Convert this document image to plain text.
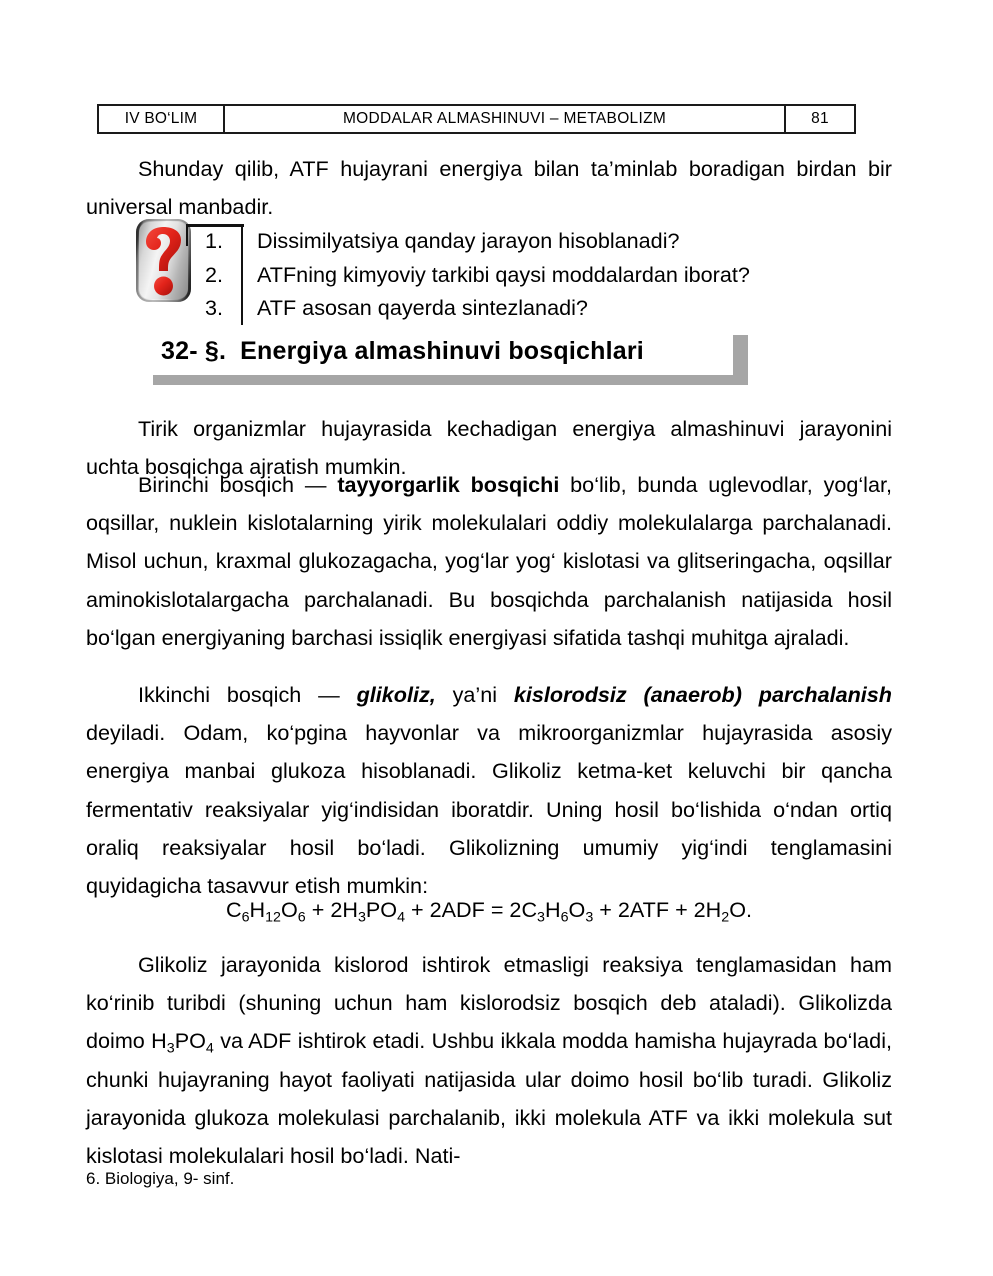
IV BO‘LIM	MODDALAR ALMASHINUVI – METABOLIZM	81
Shunday qilib, ATF hujayrani energiya bilan ta’minlab boradigan birdan bir universal manbadir.
1.
2.
3.
Dissimilyatsiya qanday jarayon hisoblanadi?
ATFning kimyoviy tarkibi qaysi moddalardan iborat?
ATF asosan qayerda sintezlanadi?
32- §. Energiya almashinuvi bosqichlari
Tirik organizmlar hujayrasida kechadigan energiya almashinuvi jarayonini uchta bosqichga ajratish mumkin.
Birinchi bosqich — tayyorgarlik bosqichi bo‘lib, bunda uglevodlar, yog‘lar, oqsillar, nuklein kislotalarning yirik molekulalari oddiy molekulalarga parchalanadi. Misol uchun, kraxmal glukozagacha, yog‘lar yog‘ kislotasi va glitseringacha, oqsillar aminokislotalargacha parchalanadi. Bu bosqichda parchalanish natijasida hosil bo‘lgan energiyaning barchasi issiqlik energiyasi sifatida tashqi muhitga ajraladi.
Ikkinchi bosqich — glikoliz, ya’ni kislorodsiz (anaerob) parchalanish deyiladi. Odam, ko‘pgina hayvonlar va mikroorganizmlar hujayrasida asosiy energiya manbai glukoza hisoblanadi. Glikoliz ketma-ket keluvchi bir qancha fermentativ reaksiyalar yig‘indisidan iboratdir. Uning hosil bo‘lishida o‘ndan ortiq oraliq reaksiyalar hosil bo‘ladi. Glikolizning umumiy yig‘indi tenglamasini quyidagicha tasavvur etish mumkin:
$C_6H_{12}O_6 + 2H_3PO_4 + 2ADF = 2C_3H_6O_3 + 2ATF + 2H_2O$.
Glikoliz jarayonida kislorod ishtirok etmasligi reaksiya tenglamasidan ham ko‘rinib turibdi (shuning uchun ham kislorodsiz bosqich deb ataladi). Glikolizda doimo $H_3PO_4$ va ADF ishtirok etadi. Ushbu ikkala modda hamisha hujayrada bo‘ladi, chunki hujayraning hayot faoliyati natijasida ular doimo hosil bo‘lib turadi. Glikoliz jarayonida glukoza molekulasi parchalanib, ikki molekula ATF va ikki molekula sut kislotasi molekulalari hosil bo‘ladi. Nati-
6. Biologiya, 9- sinf.
